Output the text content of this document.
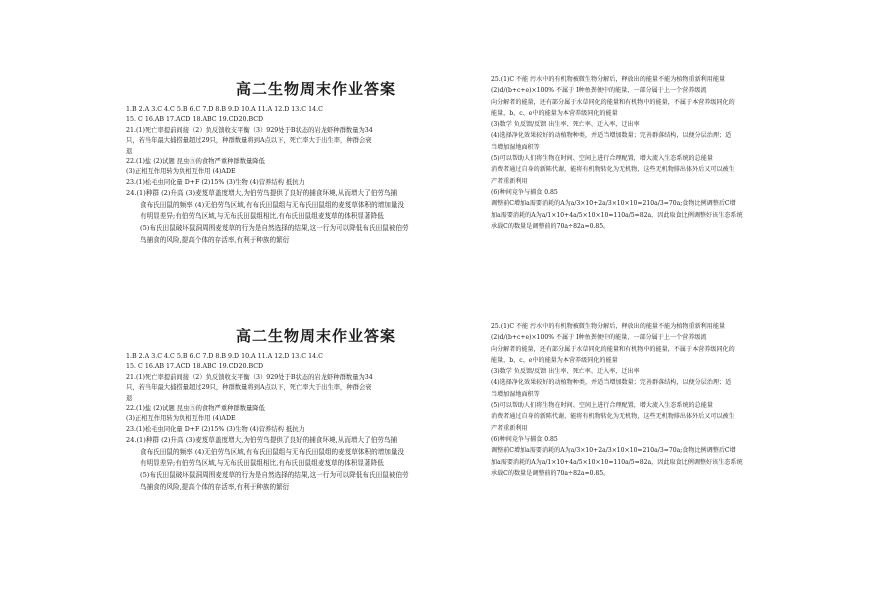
高二生物周末作业答案
1.B 2.A 3.C 4.C 5.B 6.C 7.D 8.B 9.D 10.A 11.A 12.D 13.C 14.C
15. C 16.AB 17.ACD 18.ABC 19.CD20.BCD
21.(1)死亡率提前间接（2）负反馈收支平衡（3）929处于B状态的岩龙虾种群数量为34
只，若当年最大捕捞量超过29只，种群数量将到A点以下，死亡率大于出生率，种群会衰
退
22.(1)盐 (2)试题 昆虫⑤的食物严重种群数量降低
(3)正相互作用转为负相互作用 (4)ADE
23.(1)松毛虫同化量 D+F (2)15% (3)生物 (4)营养结构 抵抗力
24.(1)种群 (2)升高 (3)麦芨草盖度增大,为伯劳鸟提供了良好的捕食环境,从而增大了伯劳鸟捕
食布氏田鼠的频率 (4)无伯劳鸟区域,有布氏田鼠组与无布氏田鼠组的麦芨草体积的增加量没
有明显差异;有伯劳鸟区域,与无布氏田鼠组相比,有布氏田鼠组麦芨草的体积显著降低
(5)布氏田鼠破坏鼠洞周围麦芨草的行为是自然选择的结果,这一行为可以降低布氏田鼠被伯劳
鸟捕食的风险,提高个体的存活率,有利于种族的繁衍
25.(1)C 不能 污水中的有机物被微生物分解后，释放出的能量不能为植物重新利用能量
(2)d/(b+c+e)×100% 不属于 I种鱼粪便中的能量，一部分属于上一个营养级流
向分解者的能量，还有部分属于水草同化的能量和有机物中的能量，不属于本营养级同化的
能量，b、c、e中的能量为本营养级同化的能量
(3)数学 负反馈/反馈 出生率、死亡率、迁入率、迁出率
(4)选择净化效果较好的动植物种类，并适当增加数量；完善群落结构，以便分层治理；适
当增加湿地面积等
(5)可以帮助人们将生物在时间、空间上进行合理配置，增大流入生态系统的总能量
消费者通过自身的新陈代谢，能将有机物转化为无机物，这些无机物排出体外后又可以被生
产者重新利用
(6)种间竞争与捕食 0.85
调整前C增加a需要消耗的A为a/3×10+2a/3×10×10=210a/3=70a;食物比例调整后C增
加a需要消耗的A为a/1×10+4a/5×10×10=110a/5=82a，因此取食比例调整好该生态系统
承载C的数量是调整前的70a÷82a≈0.85。
高二生物周末作业答案
1.B 2.A 3.C 4.C 5.B 6.C 7.D 8.B 9.D 10.A 11.A 12.D 13.C 14.C
15. C 16.AB 17.ACD 18.ABC 19.CD20.BCD
21.(1)死亡率提前间接（2）负反馈收支平衡（3）929处于B状态的岩龙虾种群数量为34
只，若当年最大捕捞量超过29只，种群数量将到A点以下，死亡率大于出生率，种群会衰
退
22.(1)盐 (2)试题 昆虫⑤的食物严重种群数量降低
(3)正相互作用转为负相互作用 (4)ADE
23.(1)松毛虫同化量 D+F (2)15% (3)生物 (4)营养结构 抵抗力
24.(1)种群 (2)升高 (3)麦芨草盖度增大,为伯劳鸟提供了良好的捕食环境,从而增大了伯劳鸟捕
食布氏田鼠的频率 (4)无伯劳鸟区域,有布氏田鼠组与无布氏田鼠组的麦芨草体积的增加量没
有明显差异;有伯劳鸟区域,与无布氏田鼠组相比,有布氏田鼠组麦芨草的体积显著降低
(5)布氏田鼠破坏鼠洞周围麦芨草的行为是自然选择的结果,这一行为可以降低布氏田鼠被伯劳
鸟捕食的风险,提高个体的存活率,有利于种族的繁衍
25.(1)C 不能 污水中的有机物被微生物分解后，释放出的能量不能为植物重新利用能量
(2)d/(b+c+e)×100% 不属于 I种鱼粪便中的能量，一部分属于上一个营养级流
向分解者的能量，还有部分属于水草同化的能量和有机物中的能量，不属于本营养级同化的
能量，b、c、e中的能量为本营养级同化的能量
(3)数学 负反馈/反馈 出生率、死亡率、迁入率、迁出率
(4)选择净化效果较好的动植物种类，并适当增加数量；完善群落结构，以便分层治理；适
当增加湿地面积等
(5)可以帮助人们将生物在时间、空间上进行合理配置，增大流入生态系统的总能量
消费者通过自身的新陈代谢，能将有机物转化为无机物，这些无机物排出体外后又可以被生
产者重新利用
(6)种间竞争与捕食 0.85
调整前C增加a需要消耗的A为a/3×10+2a/3×10×10=210a/3=70a;食物比例调整后C增
加a需要消耗的A为a/1×10+4a/5×10×10=110a/5=82a，因此取食比例调整好该生态系统
承载C的数量是调整前的70a÷82a≈0.85。
